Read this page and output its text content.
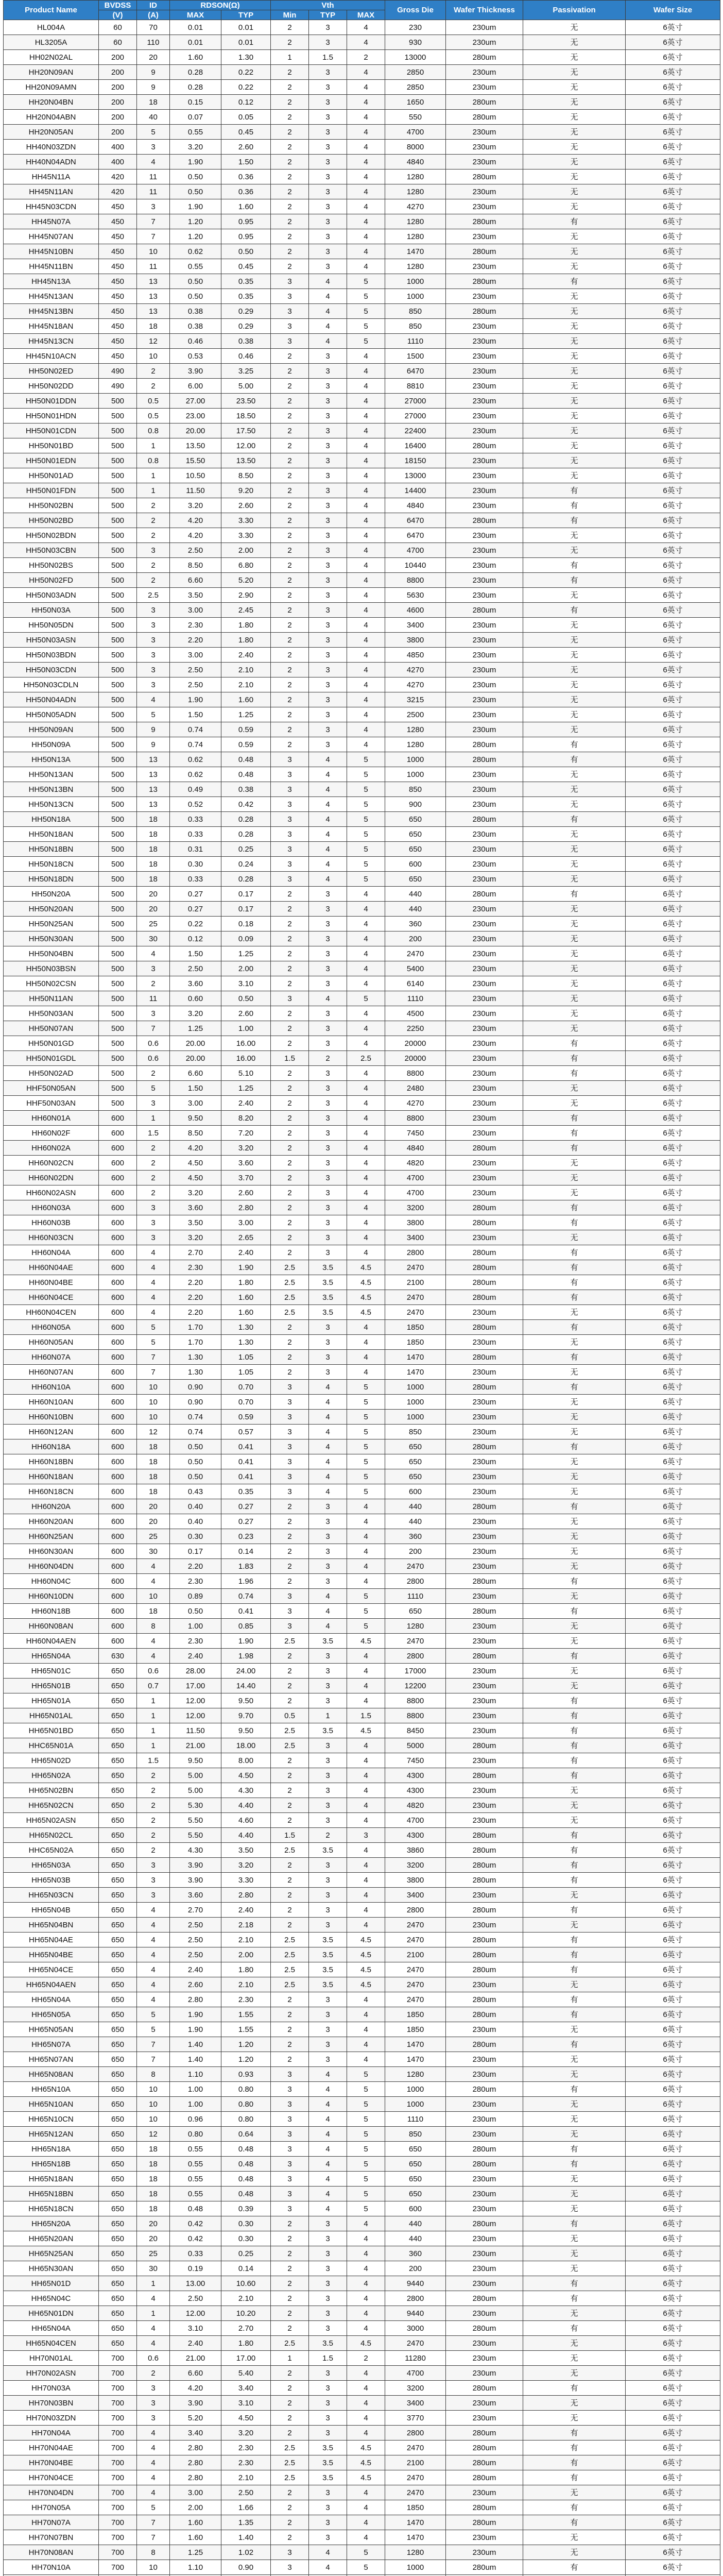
Product Name	BVDSS	ID	RDSON(Ω)		Vth			Gross Die	Wafer Thickness	Passivation	Wafer Size
	(V)	(A)	MAX	TYP	Min	TYP	MAX				
HL004A	60	70	0.01	0.01	2	3	4	230	230um	无	6英寸
HL3205A	60	110	0.01	0.01	2	3	4	930	230um	无	6英寸
HH02N02AL	200	20	1.60	1.30	1	1.5	2	13000	280um	无	6英寸
HH20N09AN	200	9	0.28	0.22	2	3	4	2850	230um	无	6英寸
HH20N09AMN	200	9	0.28	0.22	2	3	4	2850	230um	无	6英寸
HH20N04BN	200	18	0.15	0.12	2	3	4	1650	280um	无	6英寸
HH20N04ABN	200	40	0.07	0.05	2	3	4	550	280um	无	6英寸
HH20N05AN	200	5	0.55	0.45	2	3	4	4700	230um	无	6英寸
HH40N03ZDN	400	3	3.20	2.60	2	3	4	8000	230um	无	6英寸
HH40N04ADN	400	4	1.90	1.50	2	3	4	4840	230um	无	6英寸
HH45N11A	420	11	0.50	0.36	2	3	4	1280	280um	无	6英寸
HH45N11AN	420	11	0.50	0.36	2	3	4	1280	230um	无	6英寸
HH45N03CDN	450	3	1.90	1.60	2	3	4	4270	230um	无	6英寸
HH45N07A	450	7	1.20	0.95	2	3	4	1280	280um	有	6英寸
HH45N07AN	450	7	1.20	0.95	2	3	4	1280	230um	无	6英寸
HH45N10BN	450	10	0.62	0.50	2	3	4	1470	280um	无	6英寸
HH45N11BN	450	11	0.55	0.45	2	3	4	1280	230um	无	6英寸
HH45N13A	450	13	0.50	0.35	3	4	5	1000	280um	有	6英寸
HH45N13AN	450	13	0.50	0.35	3	4	5	1000	230um	无	6英寸
HH45N13BN	450	13	0.38	0.29	3	4	5	850	280um	无	6英寸
HH45N18AN	450	18	0.38	0.29	3	4	5	850	230um	无	6英寸
HH45N13CN	450	12	0.46	0.38	3	4	5	1110	230um	无	6英寸
HH45N10ACN	450	10	0.53	0.46	2	3	4	1500	230um	无	6英寸
HH50N02ED	490	2	3.90	3.25	2	3	4	6470	230um	无	6英寸
HH50N02DD	490	2	6.00	5.00	2	3	4	8810	230um	无	6英寸
HH50N01DDN	500	0.5	27.00	23.50	2	3	4	27000	230um	无	6英寸
HH50N01HDN	500	0.5	23.00	18.50	2	3	4	27000	230um	无	6英寸
HH50N01CDN	500	0.8	20.00	17.50	2	3	4	22400	230um	无	6英寸
HH50N01BD	500	1	13.50	12.00	2	3	4	16400	280um	无	6英寸
HH50N01EDN	500	0.8	15.50	13.50	2	3	4	18150	230um	无	6英寸
HH50N01AD	500	1	10.50	8.50	2	3	4	13000	230um	无	6英寸
HH50N01FDN	500	1	11.50	9.20	2	3	4	14400	230um	有	6英寸
HH50N02BN	500	2	3.20	2.60	2	3	4	4840	230um	有	6英寸
HH50N02BD	500	2	4.20	3.30	2	3	4	6470	280um	有	6英寸
HH50N02BDN	500	2	4.20	3.30	2	3	4	6470	230um	无	6英寸
HH50N03CBN	500	3	2.50	2.00	2	3	4	4700	230um	无	6英寸
HH50N02BS	500	2	8.50	6.80	2	3	4	10440	230um	有	6英寸
HH50N02FD	500	2	6.60	5.20	2	3	4	8800	230um	有	6英寸
HH50N03ADN	500	2.5	3.50	2.90	2	3	4	5630	230um	无	6英寸
HH50N03A	500	3	3.00	2.45	2	3	4	4600	280um	有	6英寸
HH50N05DN	500	3	2.30	1.80	2	3	4	3400	230um	无	6英寸
HH50N03ASN	500	3	2.20	1.80	2	3	4	3800	230um	无	6英寸
HH50N03BDN	500	3	3.00	2.40	2	3	4	4850	230um	无	6英寸
HH50N03CDN	500	3	2.50	2.10	2	3	4	4270	230um	无	6英寸
HH50N03CDLN	500	3	2.50	2.10	2	3	4	4270	230um	无	6英寸
HH50N04ADN	500	4	1.90	1.60	2	3	4	3215	230um	无	6英寸
HH50N05ADN	500	5	1.50	1.25	2	3	4	2500	230um	无	6英寸
HH50N09AN	500	9	0.74	0.59	2	3	4	1280	230um	无	6英寸
HH50N09A	500	9	0.74	0.59	2	3	4	1280	280um	有	6英寸
HH50N13A	500	13	0.62	0.48	3	4	5	1000	280um	有	6英寸
HH50N13AN	500	13	0.62	0.48	3	4	5	1000	230um	无	6英寸
HH50N13BN	500	13	0.49	0.38	3	4	5	850	230um	无	6英寸
HH50N13CN	500	13	0.52	0.42	3	4	5	900	230um	无	6英寸
HH50N18A	500	18	0.33	0.28	3	4	5	650	280um	有	6英寸
HH50N18AN	500	18	0.33	0.28	3	4	5	650	230um	无	6英寸
HH50N18BN	500	18	0.31	0.25	3	4	5	650	230um	无	6英寸
HH50N18CN	500	18	0.30	0.24	3	4	5	600	230um	无	6英寸
HH50N18DN	500	18	0.33	0.28	3	4	5	650	230um	无	6英寸
HH50N20A	500	20	0.27	0.17	2	3	4	440	280um	有	6英寸
HH50N20AN	500	20	0.27	0.17	2	3	4	440	230um	无	6英寸
HH50N25AN	500	25	0.22	0.18	2	3	4	360	230um	无	6英寸
HH50N30AN	500	30	0.12	0.09	2	3	4	200	230um	无	6英寸
HH50N04BN	500	4	1.50	1.25	2	3	4	2470	230um	无	6英寸
HH50N03BSN	500	3	2.50	2.00	2	3	4	5400	230um	无	6英寸
HH50N02CSN	500	2	3.60	3.10	2	3	4	6140	230um	无	6英寸
HH50N11AN	500	11	0.60	0.50	3	4	5	1110	230um	无	6英寸
HH50N03AN	500	3	3.20	2.60	2	3	4	4500	230um	无	6英寸
HH50N07AN	500	7	1.25	1.00	2	3	4	2250	230um	无	6英寸
HH50N01GD	500	0.6	20.00	16.00	2	3	4	20000	230um	有	6英寸
HH50N01GDL	500	0.6	20.00	16.00	1.5	2	2.5	20000	230um	有	6英寸
HH50N02AD	500	2	6.60	5.10	2	3	4	8800	230um	有	6英寸
HHF50N05AN	500	5	1.50	1.25	2	3	4	2480	230um	无	6英寸
HHF50N03AN	500	3	3.00	2.40	2	3	4	4270	230um	无	6英寸
HH60N01A	600	1	9.50	8.20	2	3	4	8800	230um	有	6英寸
HH60N02F	600	1.5	8.50	7.20	2	3	4	7450	230um	有	6英寸
HH60N02A	600	2	4.20	3.20	2	3	4	4840	280um	有	6英寸
HH60N02CN	600	2	4.50	3.60	2	3	4	4820	230um	无	6英寸
HH60N02DN	600	2	4.50	3.70	2	3	4	4700	230um	无	6英寸
HH60N02ASN	600	2	3.20	2.60	2	3	4	4700	230um	无	6英寸
HH60N03A	600	3	3.60	2.80	2	3	4	3200	280um	有	6英寸
HH60N03B	600	3	3.50	3.00	2	3	4	3800	280um	有	6英寸
HH60N03CN	600	3	3.20	2.65	2	3	4	3400	230um	无	6英寸
HH60N04A	600	4	2.70	2.40	2	3	4	2800	280um	有	6英寸
HH60N04AE	600	4	2.30	1.90	2.5	3.5	4.5	2470	280um	有	6英寸
HH60N04BE	600	4	2.20	1.80	2.5	3.5	4.5	2100	280um	有	6英寸
HH60N04CE	600	4	2.20	1.60	2.5	3.5	4.5	2470	280um	有	6英寸
HH60N04CEN	600	4	2.20	1.60	2.5	3.5	4.5	2470	230um	无	6英寸
HH60N05A	600	5	1.70	1.30	2	3	4	1850	280um	有	6英寸
HH60N05AN	600	5	1.70	1.30	2	3	4	1850	230um	无	6英寸
HH60N07A	600	7	1.30	1.05	2	3	4	1470	280um	有	6英寸
HH60N07AN	600	7	1.30	1.05	2	3	4	1470	230um	无	6英寸
HH60N10A	600	10	0.90	0.70	3	4	5	1000	280um	有	6英寸
HH60N10AN	600	10	0.90	0.70	3	4	5	1000	230um	无	6英寸
HH60N10BN	600	10	0.74	0.59	3	4	5	1000	230um	无	6英寸
HH60N12AN	600	12	0.74	0.57	3	4	5	850	230um	无	6英寸
HH60N18A	600	18	0.50	0.41	3	4	5	650	280um	有	6英寸
HH60N18BN	600	18	0.50	0.41	3	4	5	650	230um	无	6英寸
HH60N18AN	600	18	0.50	0.41	3	4	5	650	230um	无	6英寸
HH60N18CN	600	18	0.43	0.35	3	4	5	600	230um	无	6英寸
HH60N20A	600	20	0.40	0.27	2	3	4	440	280um	有	6英寸
HH60N20AN	600	20	0.40	0.27	2	3	4	440	230um	无	6英寸
HH60N25AN	600	25	0.30	0.23	2	3	4	360	230um	无	6英寸
HH60N30AN	600	30	0.17	0.14	2	3	4	200	230um	无	6英寸
HH60N04DN	600	4	2.20	1.83	2	3	4	2470	230um	无	6英寸
HH60N04C	600	4	2.30	1.96	2	3	4	2800	280um	有	6英寸
HH60N10DN	600	10	0.89	0.74	3	4	5	1110	230um	无	6英寸
HH60N18B	600	18	0.50	0.41	3	4	5	650	280um	有	6英寸
HH60N08AN	600	8	1.00	0.85	3	4	5	1280	230um	无	6英寸
HH60N04AEN	600	4	2.30	1.90	2.5	3.5	4.5	2470	230um	无	6英寸
HH65N04A	630	4	2.40	1.98	2	3	4	2800	280um	有	6英寸
HH65N01C	650	0.6	28.00	24.00	2	3	4	17000	230um	无	6英寸
HH65N01B	650	0.7	17.00	14.40	2	3	4	12200	230um	无	6英寸
HH65N01A	650	1	12.00	9.50	2	3	4	8800	230um	有	6英寸
HH65N01AL	650	1	12.00	9.70	0.5	1	1.5	8800	230um	有	6英寸
HH65N01BD	650	1	11.50	9.50	2.5	3.5	4.5	8450	230um	有	6英寸
HHC65N01A	650	1	21.00	18.00	2.5	3	4	5000	280um	有	6英寸
HH65N02D	650	1.5	9.50	8.00	2	3	4	7450	230um	有	6英寸
HH65N02A	650	2	5.00	4.50	2	3	4	4300	280um	有	6英寸
HH65N02BN	650	2	5.00	4.30	2	3	4	4300	230um	无	6英寸
HH65N02CN	650	2	5.30	4.40	2	3	4	4820	230um	无	6英寸
HH65N02ASN	650	2	5.50	4.60	2	3	4	4700	230um	无	6英寸
HH65N02CL	650	2	5.50	4.40	1.5	2	3	4300	280um	有	6英寸
HHC65N02A	650	2	4.30	3.50	2.5	3.5	4	3860	280um	有	6英寸
HH65N03A	650	3	3.90	3.20	2	3	4	3200	280um	有	6英寸
HH65N03B	650	3	3.90	3.30	2	3	4	3800	280um	有	6英寸
HH65N03CN	650	3	3.60	2.80	2	3	4	3400	230um	无	6英寸
HH65N04B	650	4	2.70	2.40	2	3	4	2800	280um	有	6英寸
HH65N04BN	650	4	2.50	2.18	2	3	4	2470	230um	无	6英寸
HH65N04AE	650	4	2.50	2.10	2.5	3.5	4.5	2470	280um	有	6英寸
HH65N04BE	650	4	2.50	2.00	2.5	3.5	4.5	2100	280um	有	6英寸
HH65N04CE	650	4	2.40	1.80	2.5	3.5	4.5	2470	280um	有	6英寸
HH65N04AEN	650	4	2.60	2.10	2.5	3.5	4.5	2470	230um	无	6英寸
HH65N04A	650	4	2.80	2.30	2	3	4	2470	280um	有	6英寸
HH65N05A	650	5	1.90	1.55	2	3	4	1850	280um	有	6英寸
HH65N05AN	650	5	1.90	1.55	2	3	4	1850	230um	无	6英寸
HH65N07A	650	7	1.40	1.20	2	3	4	1470	280um	有	6英寸
HH65N07AN	650	7	1.40	1.20	2	3	4	1470	230um	无	6英寸
HH65N08AN	650	8	1.10	0.93	3	4	5	1280	230um	无	6英寸
HH65N10A	650	10	1.00	0.80	3	4	5	1000	280um	有	6英寸
HH65N10AN	650	10	1.00	0.80	3	4	5	1000	230um	无	6英寸
HH65N10CN	650	10	0.96	0.80	3	4	5	1110	230um	无	6英寸
HH65N12AN	650	12	0.80	0.64	3	4	5	850	230um	无	6英寸
HH65N18A	650	18	0.55	0.48	3	4	5	650	280um	有	6英寸
HH65N18B	650	18	0.55	0.48	3	4	5	650	280um	有	6英寸
HH65N18AN	650	18	0.55	0.48	3	4	5	650	230um	无	6英寸
HH65N18BN	650	18	0.55	0.48	3	4	5	650	230um	无	6英寸
HH65N18CN	650	18	0.48	0.39	3	4	5	600	230um	无	6英寸
HH65N20A	650	20	0.42	0.30	2	3	4	440	280um	有	6英寸
HH65N20AN	650	20	0.42	0.30	2	3	4	440	230um	无	6英寸
HH65N25AN	650	25	0.33	0.25	2	3	4	360	230um	无	6英寸
HH65N30AN	650	30	0.19	0.14	2	3	4	200	230um	无	6英寸
HH65N01D	650	1	13.00	10.60	2	3	4	9440	230um	有	6英寸
HH65N04C	650	4	2.50	2.10	2	3	4	2800	280um	有	6英寸
HH65N01DN	650	1	12.00	10.20	2	3	4	9440	230um	无	6英寸
HH65N04A	650	4	3.10	2.70	2	3	4	3000	280um	有	6英寸
HH65N04CEN	650	4	2.40	1.80	2.5	3.5	4.5	2470	230um	无	6英寸
HH70N01AL	700	0.6	21.00	17.00	1	1.5	2	11280	230um	无	6英寸
HH70N02ASN	700	2	6.60	5.40	2	3	4	4700	230um	无	6英寸
HH70N03A	700	3	4.20	3.40	2	3	4	3200	280um	有	6英寸
HH70N03BN	700	3	3.90	3.10	2	3	4	3400	230um	无	6英寸
HH70N03ZDN	700	3	5.20	4.50	2	3	4	3770	230um	无	6英寸
HH70N04A	700	4	3.40	3.20	2	3	4	2800	280um	有	6英寸
HH70N04AE	700	4	2.80	2.30	2.5	3.5	4.5	2470	280um	有	6英寸
HH70N04BE	700	4	2.80	2.30	2.5	3.5	4.5	2100	280um	有	6英寸
HH70N04CE	700	4	2.80	2.10	2.5	3.5	4.5	2470	280um	有	6英寸
HH70N04DN	700	4	3.00	2.50	2	3	4	2470	230um	无	6英寸
HH70N05A	700	5	2.00	1.66	2	3	4	1850	280um	有	6英寸
HH70N07A	700	7	1.60	1.35	2	3	4	1470	280um	有	6英寸
HH70N07BN	700	7	1.60	1.40	2	3	4	1470	230um	无	6英寸
HH70N08AN	700	8	1.25	1.02	3	4	5	1280	230um	无	6英寸
HH70N10A	700	10	1.10	0.90	3	4	5	1000	280um	有	6英寸
